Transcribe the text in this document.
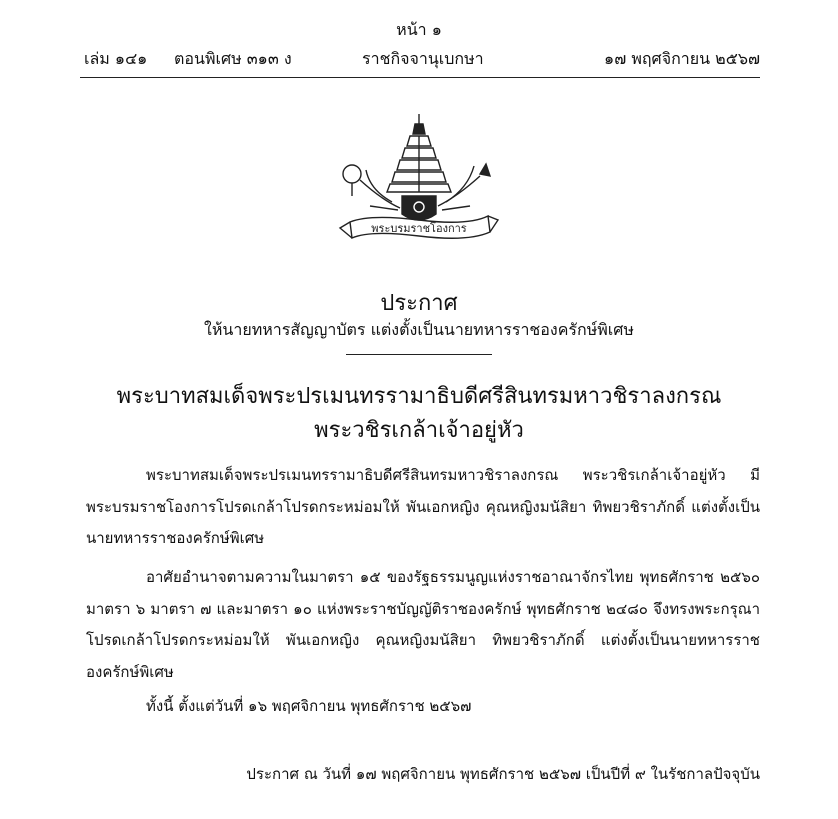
หน้า ๑
เล่ม ๑๔๑ ตอนพิเศษ ๓๑๓ ง	ราชกิจจานุเบกษา	๑๗ พฤศจิกายน ๒๕๖๗
พระบรมราชโองการ
ประกาศ
ให้นายทหารสัญญาบัตร แต่งตั้งเป็นนายทหารราชองครักษ์พิเศษ
พระบาทสมเด็จพระปรเมนทรรามาธิบดีศรีสินทรมหาวชิราลงกรณ
พระวชิรเกล้าเจ้าอยู่หัว
พระบาทสมเด็จพระปรเมนทรรามาธิบดีศรีสินทรมหาวชิราลงกรณ พระวชิรเกล้าเจ้าอยู่หัว มีพระบรมราชโองการโปรดเกล้าโปรดกระหม่อมให้ พันเอกหญิง คุณหญิงมนัสิยา ทิพยวชิราภักดิ์ แต่งตั้งเป็นนายทหารราชองครักษ์พิเศษ
อาศัยอำนาจตามความในมาตรา ๑๕ ของรัฐธรรมนูญแห่งราชอาณาจักรไทย พุทธศักราช ๒๕๖๐ มาตรา ๖ มาตรา ๗ และมาตรา ๑๐ แห่งพระราชบัญญัติราชองครักษ์ พุทธศักราช ๒๔๘๐ จึงทรงพระกรุณาโปรดเกล้าโปรดกระหม่อมให้ พันเอกหญิง คุณหญิงมนัสิยา ทิพยวชิราภักดิ์ แต่งตั้งเป็นนายทหารราชองครักษ์พิเศษ
ทั้งนี้ ตั้งแต่วันที่ ๑๖ พฤศจิกายน พุทธศักราช ๒๕๖๗
ประกาศ ณ วันที่ ๑๗ พฤศจิกายน พุทธศักราช ๒๕๖๗ เป็นปีที่ ๙ ในรัชกาลปัจจุบัน
